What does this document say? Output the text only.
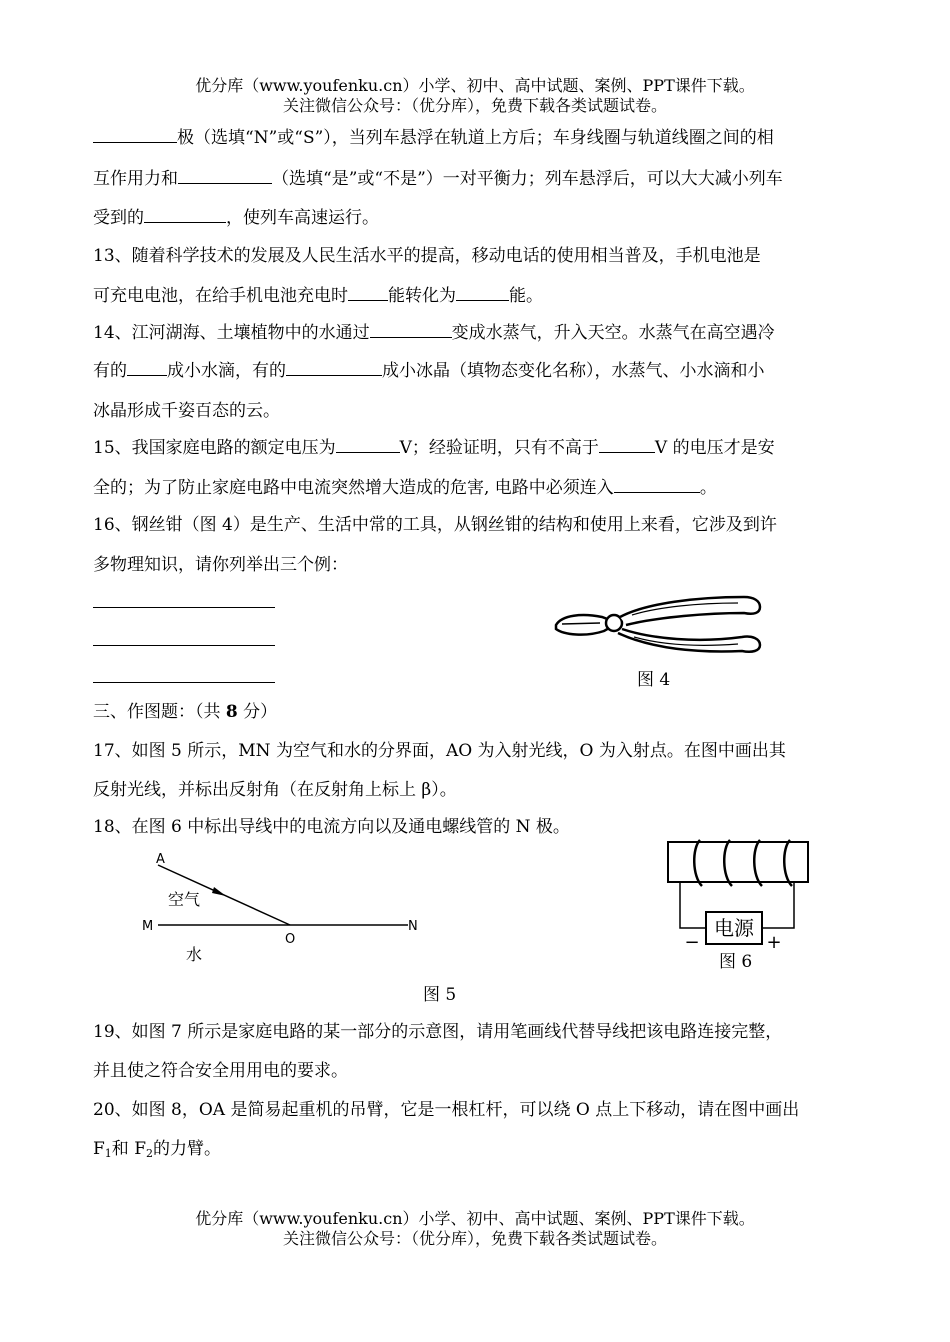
优分库（www.youfenku.cn）小学、初中、高中试题、案例、PPT课件下载。
关注微信公众号：（优分库），免费下载各类试题试卷。
极（选填“N”或“S”），当列车悬浮在轨道上方后；车身线圈与轨道线圈之间的相
互作用力和	（选填“是”或“不是”）一对平衡力；列车悬浮后，可以大大减小列车
受到的	，使列车高速运行。
13、随着科学技术的发展及人民生活水平的提高，移动电话的使用相当普及，手机电池是
可充电电池，在给手机电池充电时 能转化为	能。
14、江河湖海、土壤植物中的水通过	变成水蒸气，升入天空。水蒸气在高空遇冷
有的 成小水滴，有的	成小冰晶（填物态变化名称），水蒸气、小水滴和小
冰晶形成千姿百态的云。
15、我国家庭电路的额定电压为	V；经验证明，只有不高于	V 的电压才是安
全的；为了防止家庭电路中电流突然增大造成的危害, 电路中必须连入	。
16、钢丝钳（图 4）是生产、生活中常的工具，从钢丝钳的结构和使用上来看，它涉及到许
多物理知识，请你列举出三个例：
图 4
三、作图题：（共 8 分）
17、如图 5 所示，MN 为空气和水的分界面，AO 为入射光线，O 为入射点。在图中画出其
反射光线，并标出反射角（在反射角上标上 β）。
18、在图 6 中标出导线中的电流方向以及通电螺线管的 N 极。
A
空气
M
O
N
水
图 5
电源
−	+
图 6
19、如图 7 所示是家庭电路的某一部分的示意图，请用笔画线代替导线把该电路连接完整，
并且使之符合安全用用电的要求。
20、如图 8，OA 是简易起重机的吊臂，它是一根杠杆，可以绕 O 点上下移动，请在图中画出
$F_1$和 $F_2$的力臂。
优分库（www.youfenku.cn）小学、初中、高中试题、案例、PPT课件下载。
关注微信公众号：（优分库），免费下载各类试题试卷。
